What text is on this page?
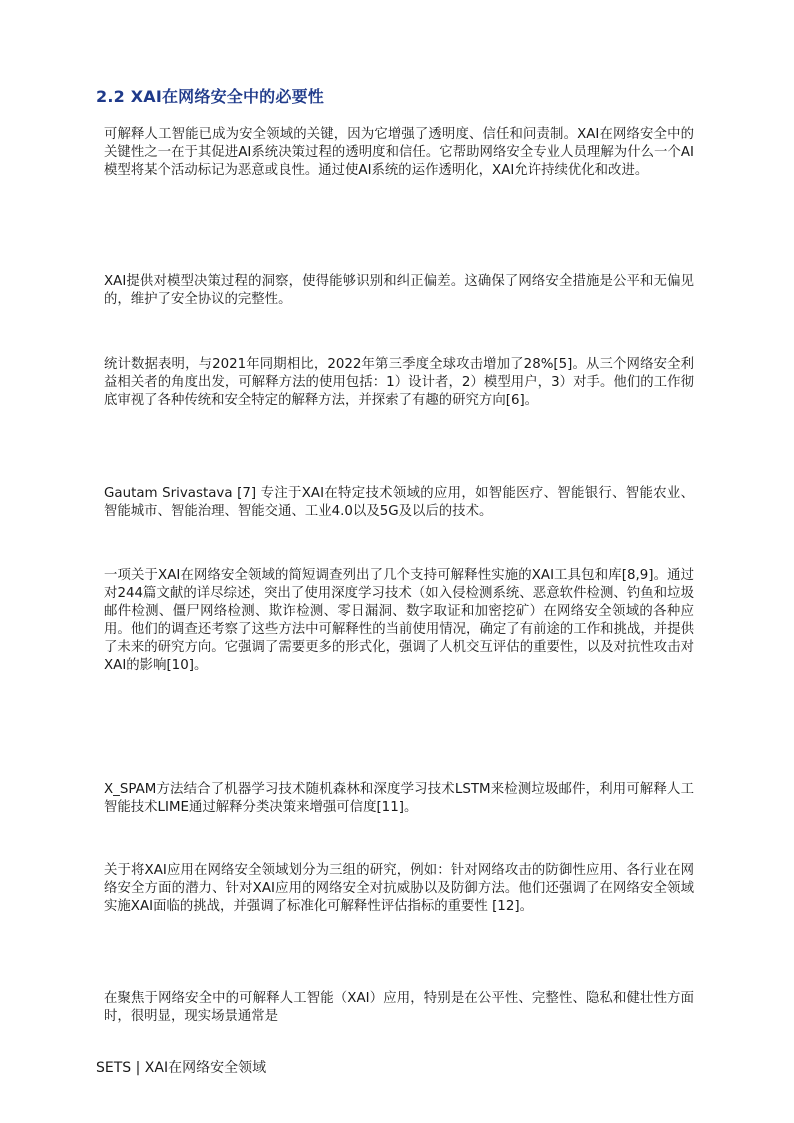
2.2 XAI在网络安全中的必要性

可解释人工智能已成为安全领域的关键，因为它增强了透明度、信任和问责制。XAI在网络安全中的关键性之一在于其促进AI系统决策过程的透明度和信任。它帮助网络安全专业人员理解为什么一个AI模型将某个活动标记为恶意或良性。通过使AI系统的运作透明化，XAI允许持续优化和改进。

XAI提供对模型决策过程的洞察，使得能够识别和纠正偏差。这确保了网络安全措施是公平和无偏见的，维护了安全协议的完整性。

统计数据表明，与2021年同期相比，2022年第三季度全球攻击增加了28%[5]。从三个网络安全利益相关者的角度出发，可解释方法的使用包括：1）设计者，2）模型用户，3）对手。他们的工作彻底审视了各种传统和安全特定的解释方法，并探索了有趣的研究方向[6]。

Gautam Srivastava [7] 专注于XAI在特定技术领域的应用，如智能医疗、智能银行、智能农业、智能城市、智能治理、智能交通、工业4.0以及5G及以后的技术。

一项关于XAI在网络安全领域的简短调查列出了几个支持可解释性实施的XAI工具包和库[8,9]。通过对244篇文献的详尽综述，突出了使用深度学习技术（如入侵检测系统、恶意软件检测、钓鱼和垃圾邮件检测、僵尸网络检测、欺诈检测、零日漏洞、数字取证和加密挖矿）在网络安全领域的各种应用。他们的调查还考察了这些方法中可解释性的当前使用情况，确定了有前途的工作和挑战，并提供了未来的研究方向。它强调了需要更多的形式化，强调了人机交互评估的重要性，以及对抗性攻击对XAI的影响[10]。

X_SPAM方法结合了机器学习技术随机森林和深度学习技术LSTM来检测垃圾邮件，利用可解释人工智能技术LIME通过解释分类决策来增强可信度[11]。

关于将XAI应用在网络安全领域划分为三组的研究，例如：针对网络攻击的防御性应用、各行业在网络安全方面的潜力、针对XAI应用的网络安全对抗威胁以及防御方法。他们还强调了在网络安全领域实施XAI面临的挑战，并强调了标准化可解释性评估指标的重要性 [12]。

在聚焦于网络安全中的可解释人工智能（XAI）应用，特别是在公平性、完整性、隐私和健壮性方面时，很明显，现实场景通常是

SETS | XAI在网络安全领域
